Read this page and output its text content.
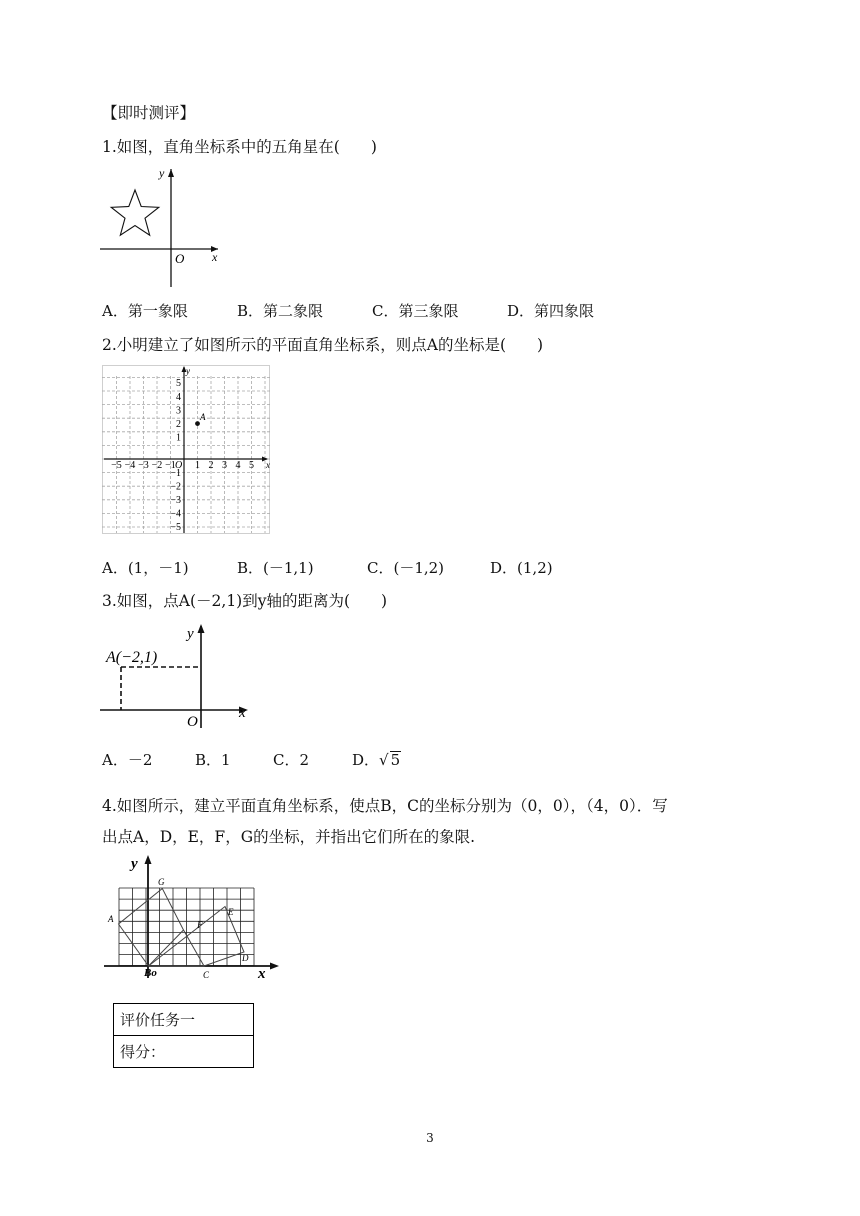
【即时测评】
1.如图，直角坐标系中的五角星在(　　)
y
x
O
A．第一象限	B．第二象限	C．第三象限	D．第四象限
2.小明建立了如图所示的平面直角坐标系，则点A的坐标是(　　)
A
y
x
O
−5 −4 −3 −2 −1 1 2 3 4 5
5
4
3
2
1
−1
−2
−3
−4
−5
A．(1，－1)	B．(－1,1)	C．(－1,2)	D．(1,2)
3.如图，点A(－2,1)到y轴的距离为(　　)
A(−2,1)
y
x
O
A．－2	B．1	C．2	D．√ 5
4.如图所示，建立平面直角坐标系，使点B，C的坐标分别为（0，0），（4，0）．写
出点A，D，E，F，G的坐标，并指出它们所在的象限.
y
x
Bo
A
G
E
F
C
D
评价任务一
得分：
3
